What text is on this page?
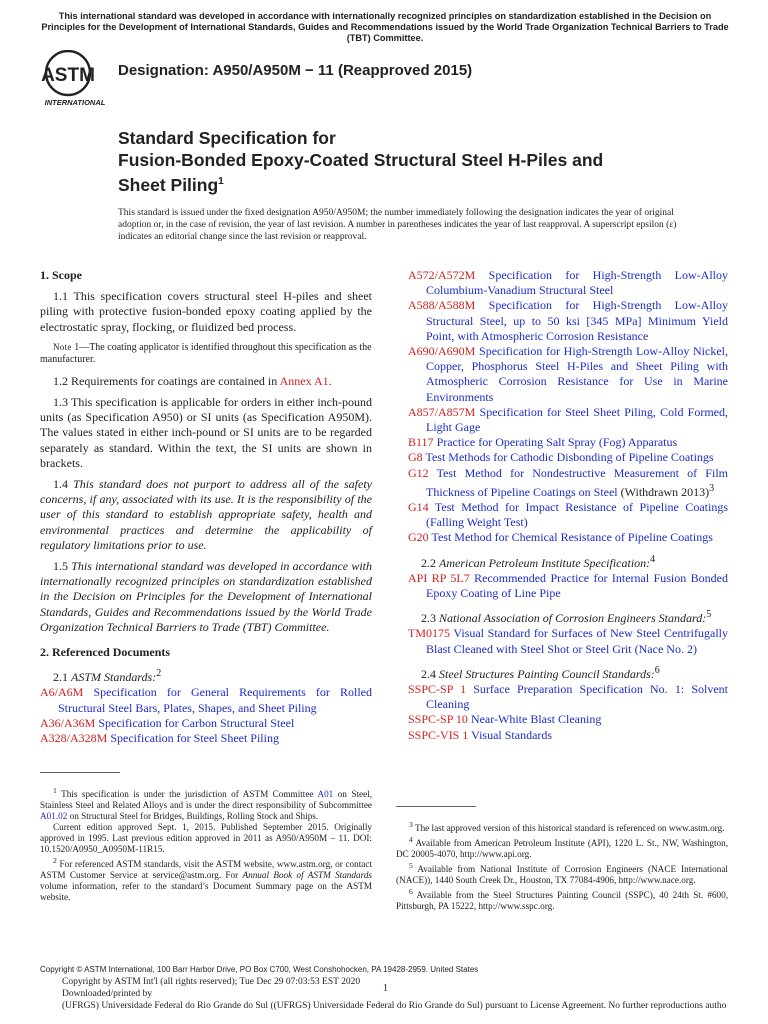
This international standard was developed in accordance with internationally recognized principles on standardization established in the Decision on Principles for the Development of International Standards, Guides and Recommendations issued by the World Trade Organization Technical Barriers to Trade (TBT) Committee.
ASTM
INTERNATIONAL
Designation: A950/A950M − 11 (Reapproved 2015)
Standard Specification for
Fusion-Bonded Epoxy-Coated Structural Steel H-Piles and
Sheet Piling$^1$
This standard is issued under the fixed designation A950/A950M; the number immediately following the designation indicates the year of original adoption or, in the case of revision, the year of last revision. A number in parentheses indicates the year of last reapproval. A superscript epsilon (ε) indicates an editorial change since the last revision or reapproval.
1. Scope

1.1 This specification covers structural steel H-piles and sheet piling with protective fusion-bonded epoxy coating applied by the electrostatic spray, flocking, or fluidized bed process.

Note 1—The coating applicator is identified throughout this specification as the manufacturer.

1.2 Requirements for coatings are contained in Annex A1.

1.3 This specification is applicable for orders in either inch-pound units (as Specification A950) or SI units (as Specification A950M). The values stated in either inch-pound or SI units are to be regarded separately as standard. Within the text, the SI units are shown in brackets.

1.4 This standard does not purport to address all of the safety concerns, if any, associated with its use. It is the responsibility of the user of this standard to establish appropriate safety, health and environmental practices and determine the applicability of regulatory limitations prior to use.

1.5 This international standard was developed in accordance with internationally recognized principles on standardization established in the Decision on Principles for the Development of International Standards, Guides and Recommendations issued by the World Trade Organization Technical Barriers to Trade (TBT) Committee.

2. Referenced Documents
2.1 ASTM Standards:$^2$
A6/A6M Specification for General Requirements for Rolled Structural Steel Bars, Plates, Shapes, and Sheet Piling
A36/A36M Specification for Carbon Structural Steel
A328/A328M Specification for Steel Sheet Piling
A572/A572M Specification for High-Strength Low-Alloy Columbium-Vanadium Structural Steel
A588/A588M Specification for High-Strength Low-Alloy Structural Steel, up to 50 ksi [345 MPa] Minimum Yield Point, with Atmospheric Corrosion Resistance
A690/A690M Specification for High-Strength Low-Alloy Nickel, Copper, Phosphorus Steel H-Piles and Sheet Piling with Atmospheric Corrosion Resistance for Use in Marine Environments
A857/A857M Specification for Steel Sheet Piling, Cold Formed, Light Gage
B117 Practice for Operating Salt Spray (Fog) Apparatus
G8 Test Methods for Cathodic Disbonding of Pipeline Coatings
G12 Test Method for Nondestructive Measurement of Film Thickness of Pipeline Coatings on Steel (Withdrawn 2013)$^3$
G14 Test Method for Impact Resistance of Pipeline Coatings (Falling Weight Test)
G20 Test Method for Chemical Resistance of Pipeline Coatings
2.2 American Petroleum Institute Specification:$^4$
API RP 5L7 Recommended Practice for Internal Fusion Bonded Epoxy Coating of Line Pipe
2.3 National Association of Corrosion Engineers Standard:$^5$
TM0175 Visual Standard for Surfaces of New Steel Centrifugally Blast Cleaned with Steel Shot or Steel Grit (Nace No. 2)
2.4 Steel Structures Painting Council Standards:$^6$
SSPC-SP 1 Surface Preparation Specification No. 1: Solvent Cleaning
SSPC-SP 10 Near-White Blast Cleaning
SSPC-VIS 1 Visual Standards

$^1$ This specification is under the jurisdiction of ASTM Committee A01 on Steel, Stainless Steel and Related Alloys and is under the direct responsibility of Subcommittee A01.02 on Structural Steel for Bridges, Buildings, Rolling Stock and Ships.

Current edition approved Sept. 1, 2015. Published September 2015. Originally approved in 1995. Last previous edition approved in 2011 as A950/A950M – 11. DOI: 10.1520/A0950_A0950M-11R15.

$^2$ For referenced ASTM standards, visit the ASTM website, www.astm.org, or contact ASTM Customer Service at service@astm.org. For Annual Book of ASTM Standards volume information, refer to the standard’s Document Summary page on the ASTM website.

$^3$ The last approved version of this historical standard is referenced on www.astm.org.

$^4$ Available from American Petroleum Institute (API), 1220 L. St., NW, Washington, DC 20005-4070, http://www.api.org.

$^5$ Available from National Institute of Corrosion Engineers (NACE International (NACE)), 1440 South Creek Dr., Houston, TX 77084-4906, http://www.nace.org.

$^6$ Available from the Steel Structures Painting Council (SSPC), 40 24th St. #600, Pittsburgh, PA 15222, http://www.sspc.org.

Copyright © ASTM International, 100 Barr Harbor Drive, PO Box C700, West Conshohocken, PA 19428-2959. United States
Copyright by ASTM Int'l (all rights reserved); Tue Dec 29 07:03:53 EST 2020
Downloaded/printed by
(UFRGS) Universidade Federal do Rio Grande do Sul ((UFRGS) Universidade Federal do Rio Grande do Sul) pursuant to License Agreement. No further reproductions autho
1
